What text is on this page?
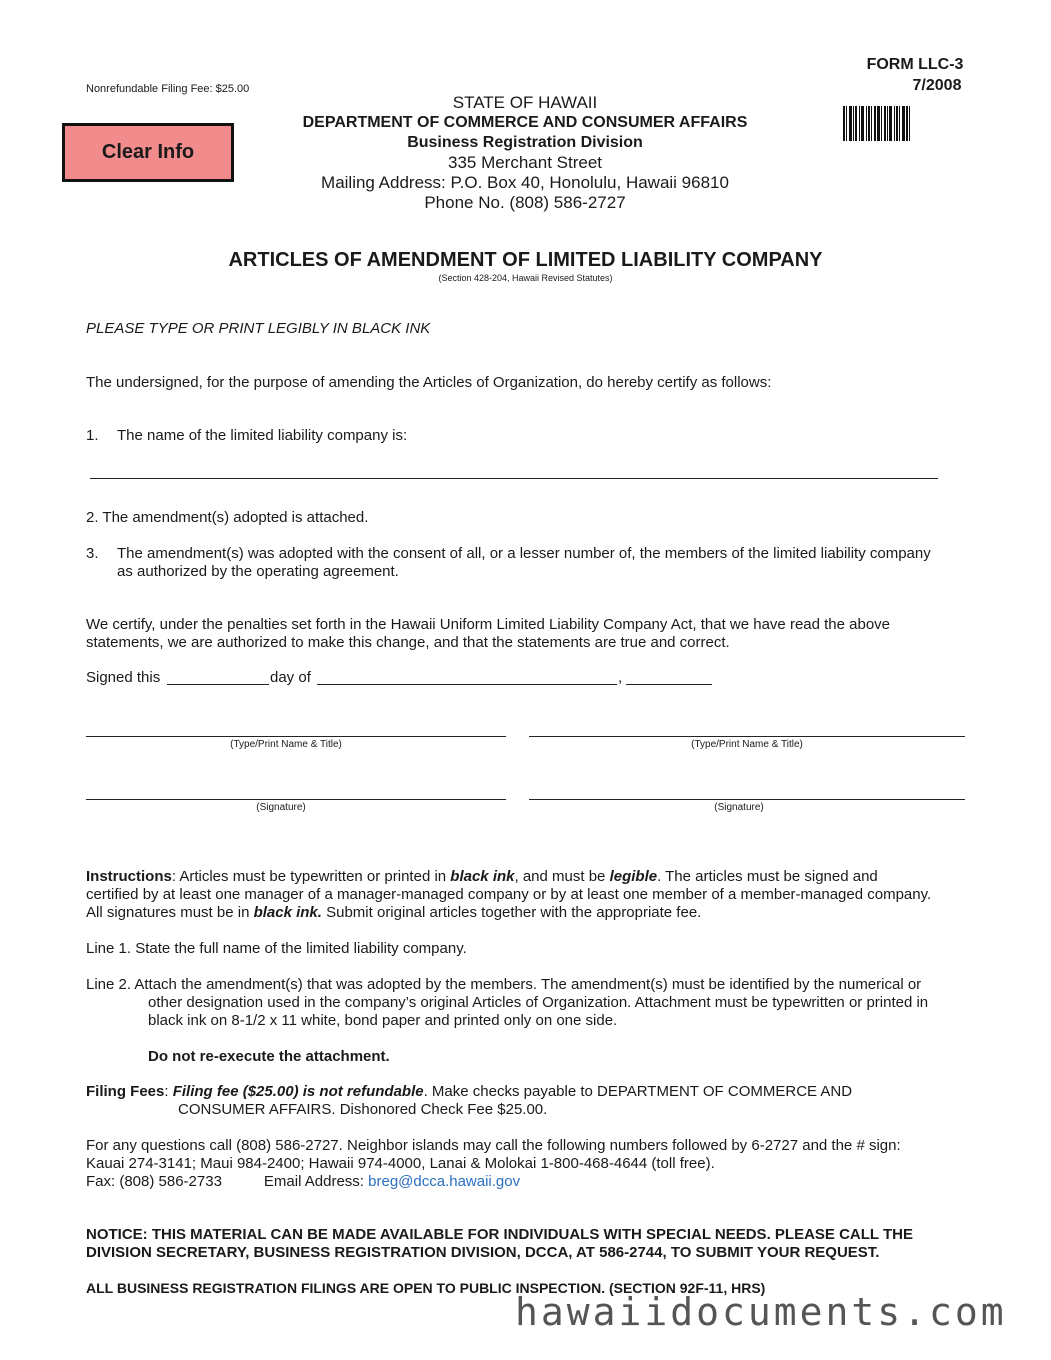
Nonrefundable Filing Fee: $25.00
FORM LLC-3
7/2008
Clear Info
STATE OF HAWAII
DEPARTMENT OF COMMERCE AND CONSUMER AFFAIRS
Business Registration Division
335 Merchant Street
Mailing Address: P.O. Box 40, Honolulu, Hawaii 96810
Phone No. (808) 586-2727
ARTICLES OF AMENDMENT OF LIMITED LIABILITY COMPANY
(Section 428-204, Hawaii Revised Statutes)
PLEASE TYPE OR PRINT LEGIBLY IN BLACK INK
The undersigned, for the purpose of amending the Articles of Organization, do hereby certify as follows:
1. The name of the limited liability company is:
2. The amendment(s) adopted is attached.
3. The amendment(s) was adopted with the consent of all, or a lesser number of, the members of the limited liability company
as authorized by the operating agreement.
We certify, under the penalties set forth in the Hawaii Uniform Limited Liability Company Act, that we have read the above
statements, we are authorized to make this change, and that the statements are true and correct.
Signed this	day of	,
(Type/Print Name & Title)	(Type/Print Name & Title)
(Signature)	(Signature)
Instructions: Articles must be typewritten or printed in black ink, and must be legible. The articles must be signed and
certified by at least one manager of a manager-managed company or by at least one member of a member-managed company.
All signatures must be in black ink. Submit original articles together with the appropriate fee.
Line 1. State the full name of the limited liability company.
Line 2. Attach the amendment(s) that was adopted by the members. The amendment(s) must be identified by the numerical or
other designation used in the company’s original Articles of Organization. Attachment must be typewritten or printed in
black ink on 8-1/2 x 11 white, bond paper and printed only on one side.
Do not re-execute the attachment.
Filing Fees: Filing fee ($25.00) is not refundable. Make checks payable to DEPARTMENT OF COMMERCE AND
CONSUMER AFFAIRS. Dishonored Check Fee $25.00.
For any questions call (808) 586-2727. Neighbor islands may call the following numbers followed by 6-2727 and the # sign:
Kauai 274-3141; Maui 984-2400; Hawaii 974-4000, Lanai & Molokai 1-800-468-4644 (toll free).
Fax: (808) 586-2733	Email Address: breg@dcca.hawaii.gov
NOTICE: THIS MATERIAL CAN BE MADE AVAILABLE FOR INDIVIDUALS WITH SPECIAL NEEDS. PLEASE CALL THE
DIVISION SECRETARY, BUSINESS REGISTRATION DIVISION, DCCA, AT 586-2744, TO SUBMIT YOUR REQUEST.
ALL BUSINESS REGISTRATION FILINGS ARE OPEN TO PUBLIC INSPECTION. (SECTION 92F-11, HRS)
hawaiidocuments.com
